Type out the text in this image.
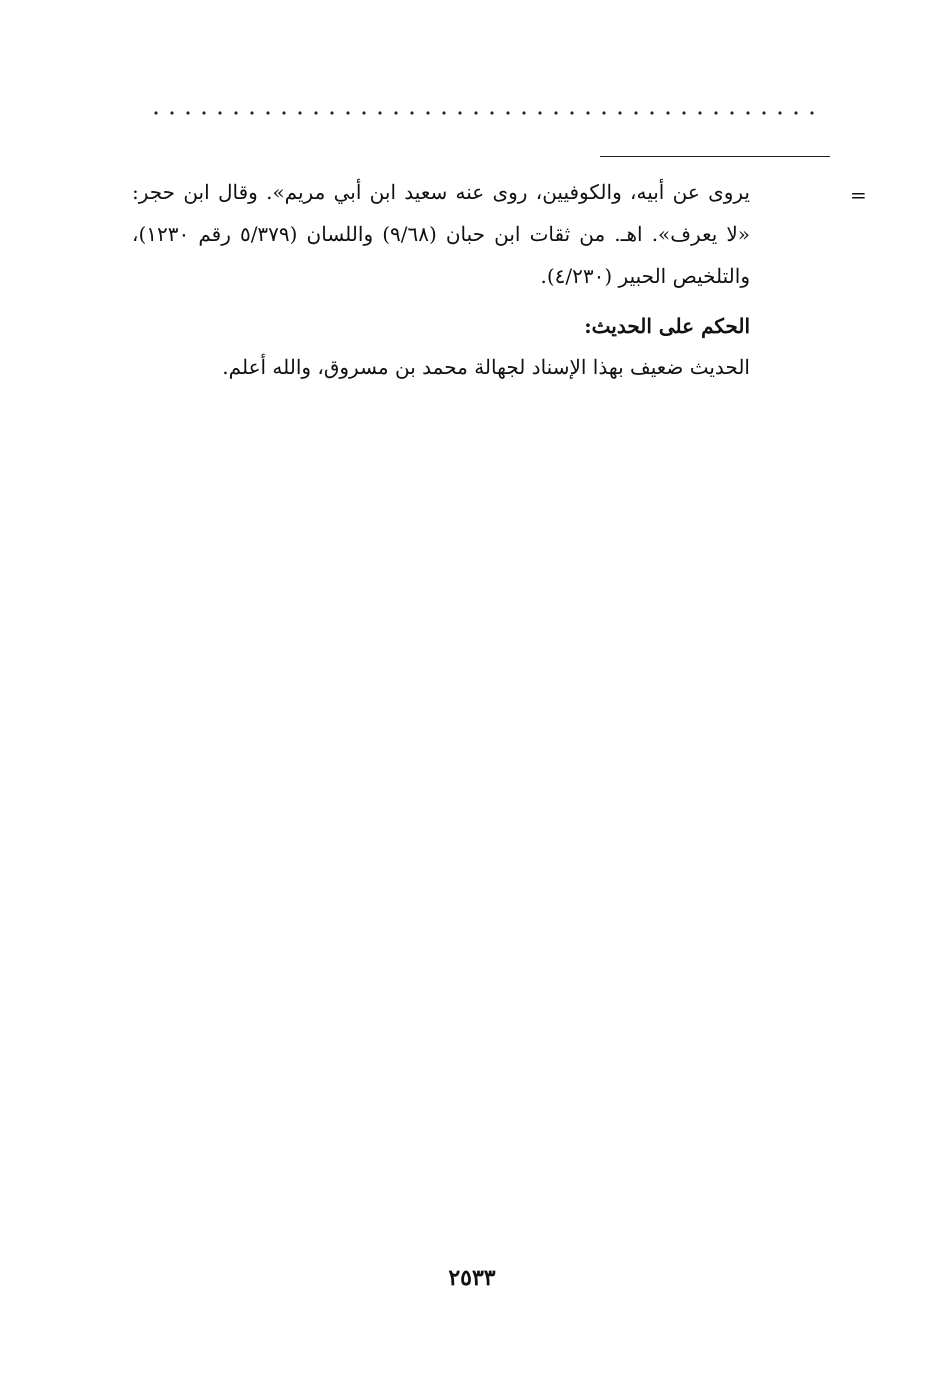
=
يروى عن أبيه، والكوفيين، روى عنه سعيد ابن أبي مريم». وقال ابن حجر: «لا يعرف». اهـ. من ثقات ابن حبان (٩/٦٨) واللسان (٥/٣٧٩ رقم ١٢٣٠)، والتلخيص الحبير (٤/٢٣٠).
الحكم على الحديث:
الحديث ضعيف بهذا الإسناد لجهالة محمد بن مسروق، والله أعلم.
٢٥٣٣
